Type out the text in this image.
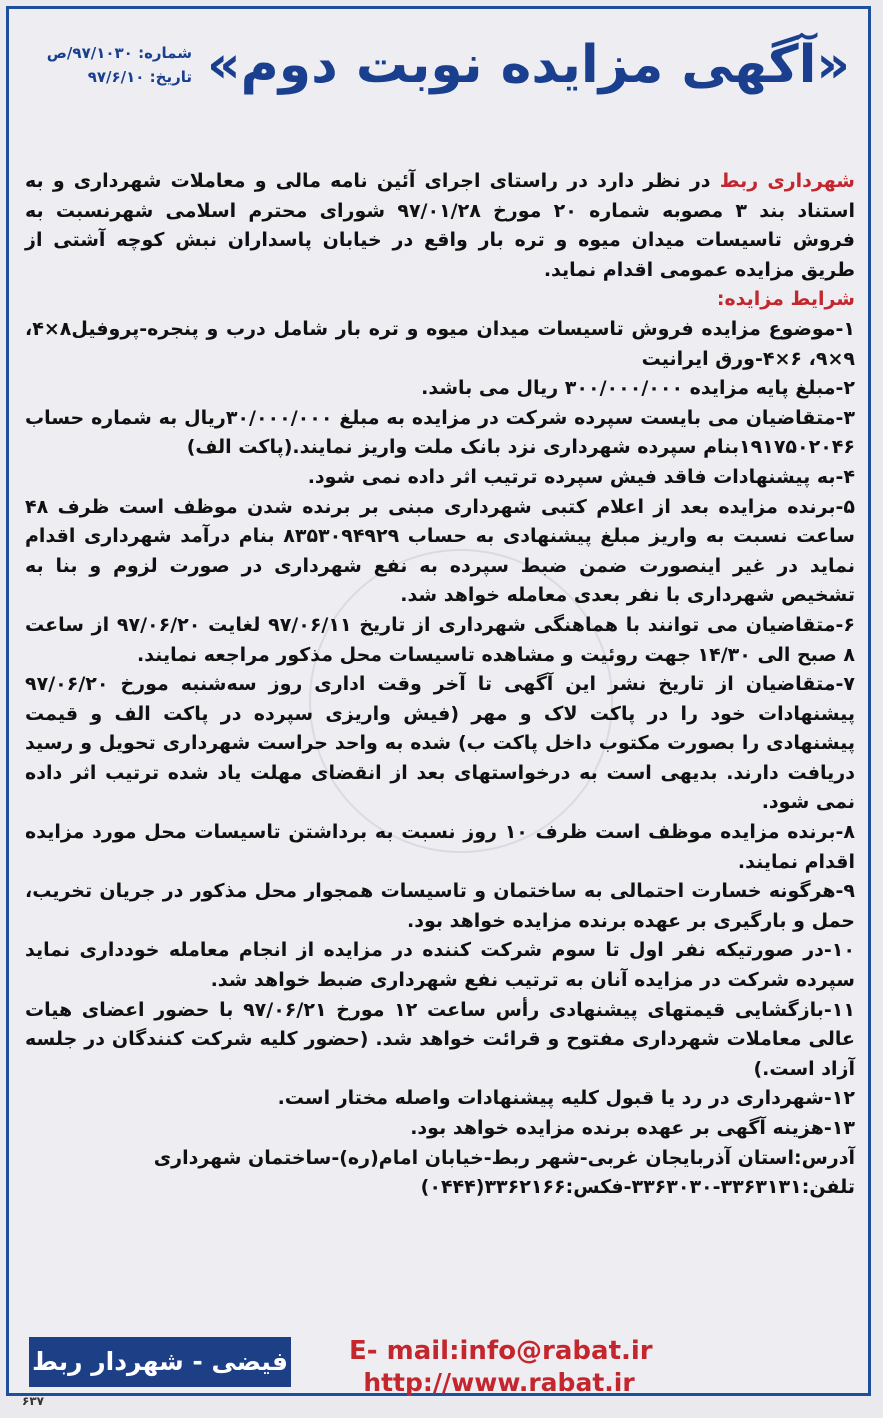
«آگهی مزایده نوبت دوم»
شماره: ۹۷/۱۰۳۰/ص
تاریخ: ۹۷/۶/۱۰

شهرداری ربط در نظر دارد در راستای اجرای آئین نامه مالی و معاملات شهرداری و به استناد بند ۳ مصوبه شماره ۲۰ مورخ ۹۷/۰۱/۲۸ شورای محترم اسلامی شهرنسبت به فروش تاسیسات میدان میوه و تره بار واقع در خیابان پاسداران نبش کوچه آشتی از طریق مزایده عمومی اقدام نماید.

شرایط مزایده:

۱-موضوع مزایده فروش تاسیسات میدان میوه و تره بار شامل درب و پنجره-پروفیل۸×۴، ۹×۹، ۶×۴-ورق ایرانیت

۲-مبلغ پایه مزایده ۳۰۰/۰۰۰/۰۰۰ ریال می باشد.

۳-متقاضیان می بایست سپرده شرکت در مزایده به مبلغ ۳۰/۰۰۰/۰۰۰ریال به شماره حساب ۱۹۱۷۵۰۲۰۴۶بنام سپرده شهرداری نزد بانک ملت واریز نمایند.(پاکت الف)

۴-به پیشنهادات فاقد فیش سپرده ترتیب اثر داده نمی شود.

۵-برنده مزایده بعد از اعلام کتبی شهرداری مبنی بر برنده شدن موظف است ظرف ۴۸ ساعت نسبت به واریز مبلغ پیشنهادی به حساب ۸۳۵۳۰۹۴۹۲۹ بنام درآمد شهرداری اقدام نماید در غیر اینصورت ضمن ضبط سپرده به نفع شهرداری در صورت لزوم و بنا به تشخیص شهرداری با نفر بعدی معامله خواهد شد.

۶-متقاضیان می توانند با هماهنگی شهرداری از تاریخ ۹۷/۰۶/۱۱ لغایت ۹۷/۰۶/۲۰ از ساعت ۸ صبح الی ۱۴/۳۰ جهت روئیت و مشاهده تاسیسات محل مذکور مراجعه نمایند.

۷-متقاضیان از تاریخ نشر این آگهی تا آخر وقت اداری روز سه‌شنبه مورخ ۹۷/۰۶/۲۰ پیشنهادات خود را در پاکت لاک و مهر (فیش واریزی سپرده در پاکت الف و قیمت پیشنهادی را بصورت مکتوب داخل پاکت ب) شده به واحد حراست شهرداری تحویل و رسید دریافت دارند. بدیهی است به درخواستهای بعد از انقضای مهلت یاد شده ترتیب اثر داده نمی شود.

۸-برنده مزایده موظف است ظرف ۱۰ روز نسبت به برداشتن تاسیسات محل مورد مزایده اقدام نمایند.

۹-هرگونه خسارت احتمالی به ساختمان و تاسیسات همجوار محل مذکور در جریان تخریب، حمل و بارگیری بر عهده برنده مزایده خواهد بود.

۱۰-در صورتیکه نفر اول تا سوم شرکت کننده در مزایده از انجام معامله خودداری نماید سپرده شرکت در مزایده آنان به ترتیب نفع شهرداری ضبط خواهد شد.

۱۱-بازگشایی قیمتهای پیشنهادی رأس ساعت ۱۲ مورخ ۹۷/۰۶/۲۱ با حضور اعضای هیات عالی معاملات شهرداری مفتوح و قرائت خواهد شد. (حضور کلیه شرکت کنندگان در جلسه آزاد است.)

۱۲-شهرداری در رد یا قبول کلیه پیشنهادات واصله مختار است.

۱۳-هزینه آگهی بر عهده برنده مزایده خواهد بود.

آدرس:استان آذربایجان غربی-شهر ربط-خیابان امام(ره)-ساختمان شهرداری

تلفن:۳۳۶۳۱۳۱-۳۳۶۳۰۳۰-فکس:۳۳۶۲۱۶۶(۰۴۴۴)

E- mail:info@rabat.ir
http://www.rabat.ir
فیضی - شهردار ربط
۶۳۷
